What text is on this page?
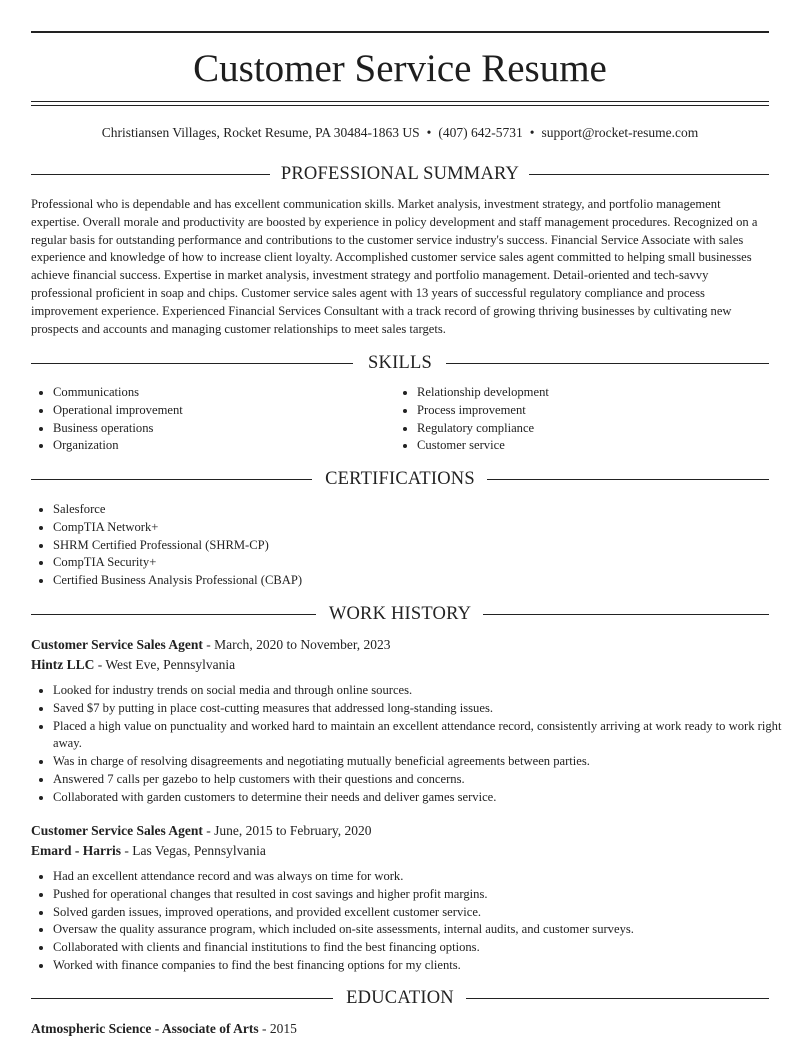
Customer Service Resume
Christiansen Villages, Rocket Resume, PA 30484-1863 US • (407) 642-5731 • support@rocket-resume.com
PROFESSIONAL SUMMARY

Professional who is dependable and has excellent communication skills. Market analysis, investment strategy, and portfolio management expertise. Overall morale and productivity are boosted by experience in policy development and staff management procedures. Recognized on a regular basis for outstanding performance and contributions to the customer service industry's success. Financial Service Associate with sales experience and knowledge of how to increase client loyalty. Accomplished customer service sales agent committed to helping small businesses achieve financial success. Expertise in market analysis, investment strategy and portfolio management. Detail-oriented and tech-savvy professional proficient in soap and chips. Customer service sales agent with 13 years of successful regulatory compliance and process improvement experience. Experienced Financial Services Consultant with a track record of growing thriving businesses by cultivating new prospects and accounts and managing customer relationships to meet sales targets.

SKILLS
• Communications
• Operational improvement
• Business operations
• Organization
• Relationship development
• Process improvement
• Regulatory compliance
• Customer service
CERTIFICATIONS
• Salesforce
• CompTIA Network+
• SHRM Certified Professional (SHRM-CP)
• CompTIA Security+
• Certified Business Analysis Professional (CBAP)
WORK HISTORY
Customer Service Sales Agent - March, 2020 to November, 2023
Hintz LLC - West Eve, Pennsylvania
• Looked for industry trends on social media and through online sources.
• Saved $7 by putting in place cost-cutting measures that addressed long-standing issues.
• Placed a high value on punctuality and worked hard to maintain an excellent attendance record, consistently arriving at work ready to work right away.
• Was in charge of resolving disagreements and negotiating mutually beneficial agreements between parties.
• Answered 7 calls per gazebo to help customers with their questions and concerns.
• Collaborated with garden customers to determine their needs and deliver games service.
Customer Service Sales Agent - June, 2015 to February, 2020
Emard - Harris - Las Vegas, Pennsylvania
• Had an excellent attendance record and was always on time for work.
• Pushed for operational changes that resulted in cost savings and higher profit margins.
• Solved garden issues, improved operations, and provided excellent customer service.
• Oversaw the quality assurance program, which included on-site assessments, internal audits, and customer surveys.
• Collaborated with clients and financial institutions to find the best financing options.
• Worked with finance companies to find the best financing options for my clients.
EDUCATION
Atmospheric Science - Associate of Arts - 2015
